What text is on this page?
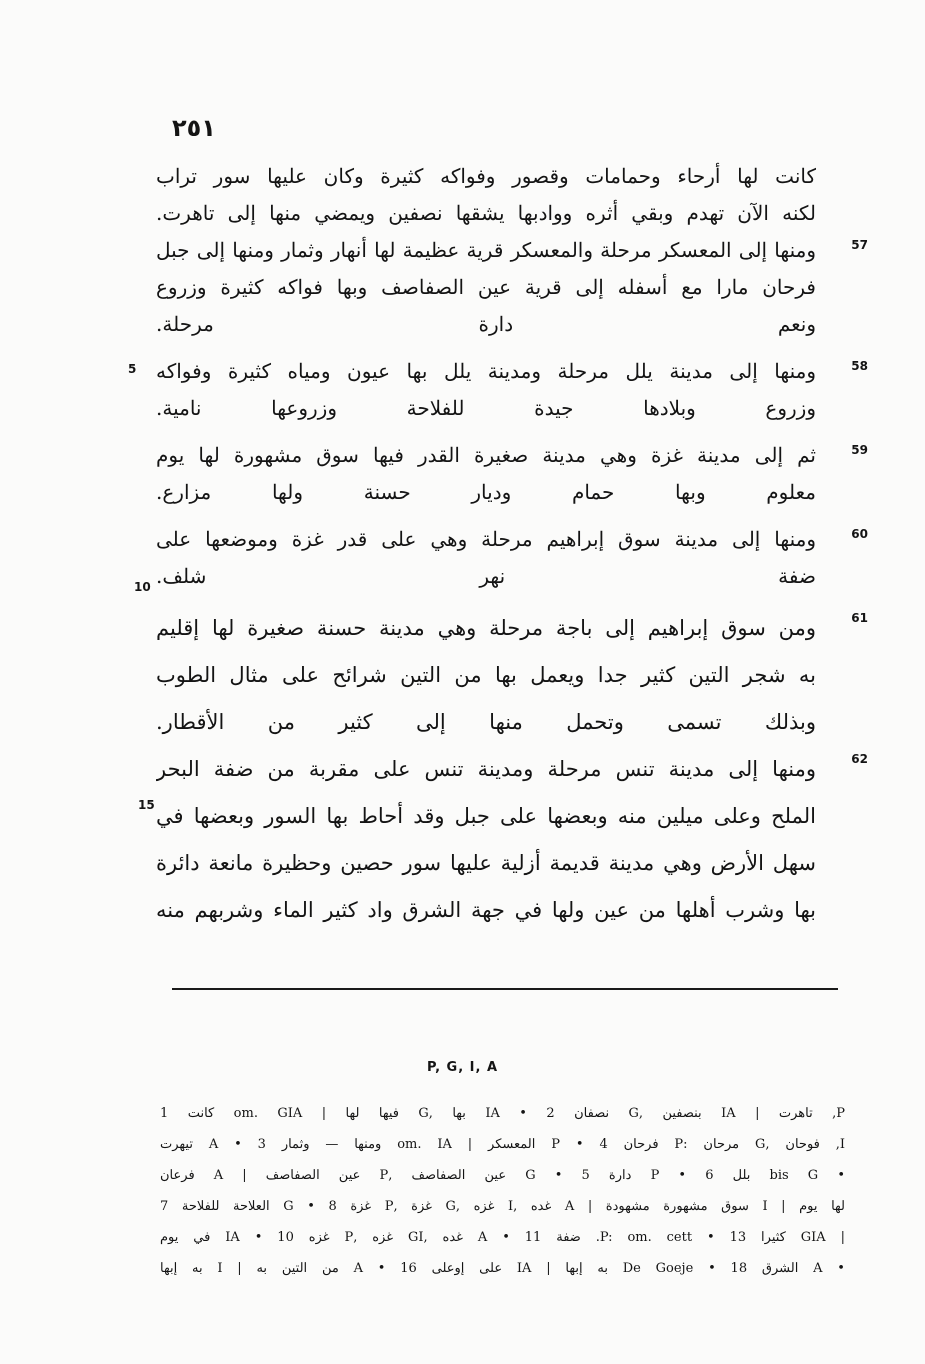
٢٥١
كانت لها أرحاء وحمامات وقصور وفواكه كثيرة وكان عليها سور تراب
لكنه الآن تهدم وبقي أثره ووادبها يشقها نصفين ويمضي منها إلى تاهرت.
57
ومنها إلى المعسكر مرحلة والمعسكر قرية عظيمة لها أنهار وثمار ومنها إلى جبل
فرحان مارا مع أسفله إلى قرية عين الصفاصف وبها فواكه كثيرة وزروع
ونعم دارة مرحلة.
58
ومنها إلى مدينة يلل مرحلة ومدينة يلل بها عيون ومياه كثيرة وفواكه
وزروع وبلادها جيدة للفلاحة وزروعها نامية.
59
ثم إلى مدينة غزة وهي مدينة صغيرة القدر فيها سوق مشهورة لها يوم
معلوم وبها حمام وديار حسنة ولها مزارع.
60
ومنها إلى مدينة سوق إبراهيم مرحلة وهي على قدر غزة وموضعها على
ضفة نهر شلف.
61
ومن سوق إبراهيم إلى باجة مرحلة وهي مدينة حسنة صغيرة لها إقليم
به شجر التين كثير جدا ويعمل بها من التين شرائح على مثال الطوب
وبذلك تسمى وتحمل منها إلى كثير من الأقطار.
62
ومنها إلى مدينة تنس مرحلة ومدينة تنس على مقربة من ضفة البحر
الملح وعلى ميلين منه وبعضها على جبل وقد أحاط بها السور وبعضها في
سهل الأرض وهي مدينة قديمة أزلية عليها سور حصين وحظيرة مانعة دائرة
بها وشرب أهلها من عين ولها في جهة الشرق واد كثير الماء وشربهم منه
5
10
15
P, G, I, A
P, تاهرت | IA بنصفين ,G نصفان 2 • IA بها ,G فيها لها | om. GIA كانت 1
I, فوحان ,G مرحان :P فرحان 4 • P المعسكر | om. IA ومنها — وثمار 3 • A تيهرت
• bis G بلل 6 • P دارة 5 • G عين الصفاصف ,P عين الصفاصف | A فرعان
لها يوم | I سوق مشهورة مشهودة | A غده ,I غزه ,G غزة ,P غزة 8 • G العلاحة للفلاحة 7
| GIA كثيرا 13 • P: om. cett. ضفة 11 • A غده ,GI غزه ,P غزه 10 • IA في يوم
• A الشرق 18 • De Goeje به إبها | IA على إوعلى 16 • A من التين به | I به إبها
